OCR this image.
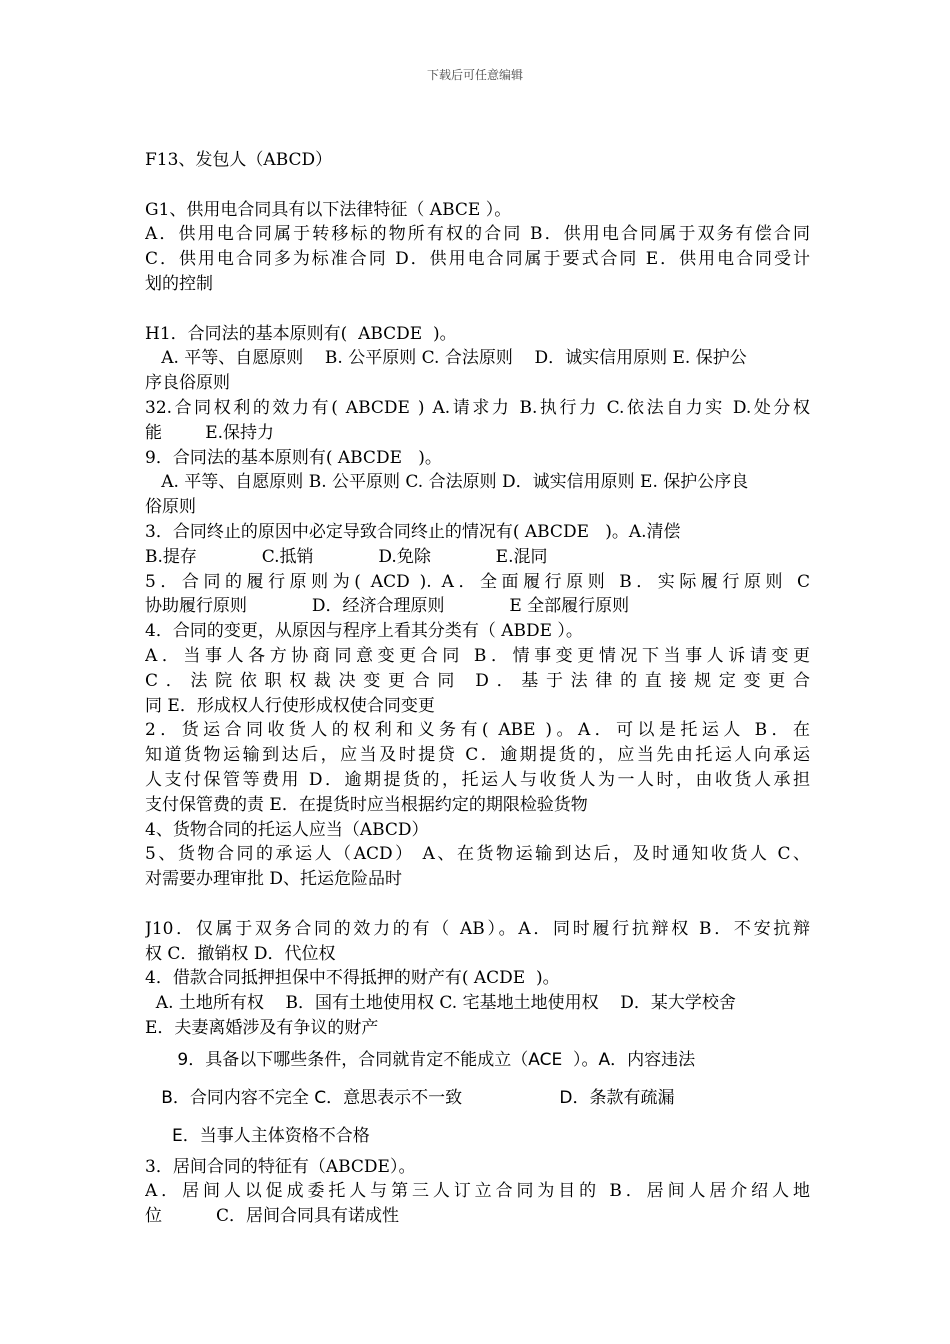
下载后可任意编辑
F13、发包人（ABCD）
G1、供用电合同具有以下法律特征（ ABCE ）。
A．供用电合同属于转移标的物所有权的合同 B．供用电合同属于双务有偿合同
C．供用电合同多为标准合同 D．供用电合同属于要式合同 E．供用电合同受计
划的控制
H1．合同法的基本原则有(  ABCDE  )。
A. 平等、自愿原则    B. 公平原则 C. 合法原则    D．诚实信用原则 E. 保护公
序良俗原则
32.合同权利的效力有( ABCDE ) A.请求力 B.执行力 C.依法自力实 D.处分权
能        E.保持力
9．合同法的基本原则有( ABCDE   )。
A. 平等、自愿原则 B. 公平原则 C. 合法原则 D．诚实信用原则 E. 保护公序良
俗原则
3．合同终止的原因中必定导致合同终止的情况有( ABCDE   )。A.清偿
B.提存            C.抵销            D.免除            E.混同
5．合同的履行原则为( ACD ). A．全面履行原则 B．实际履行原则 C
协助履行原则            D．经济合理原则            E 全部履行原则
4．合同的变更，从原因与程序上看其分类有（ ABDE ）。
A．当事人各方协商同意变更合同 B．情事变更情况下当事人诉请变更
C．法院依职权裁决变更合同 D．基于法律的直接规定变更合
同 E．形成权人行使形成权使合同变更
2．货运合同收货人的权利和义务有( ABE )。A．可以是托运人 B．在
知道货物运输到达后，应当及时提贷 C．逾期提货的，应当先由托运人向承运
人支付保管等费用 D．逾期提货的，托运人与收货人为一人时，由收货人承担
支付保管费的责 E．在提货时应当根据约定的期限检验货物
4、货物合同的托运人应当（ABCD）
5、货物合同的承运人（ACD） A、在货物运输到达后，及时通知收货人 C、
对需要办理审批 D、托运危险品时
J10．仅属于双务合同的效力的有（ AB）。A．同时履行抗辩权 B．不安抗辩
权 C．撤销权 D．代位权
4．借款合同抵押担保中不得抵押的财产有( ACDE  )。
A. 土地所有权    B．国有土地使用权 C. 宅基地土地使用权    D．某大学校舍
E．夫妻离婚涉及有争议的财产
9．具备以下哪些条件，合同就肯定不能成立（ACE  ）。A．内容违法
B．合同内容不完全 C．意思表示不一致                  D．条款有疏漏
E．当事人主体资格不合格
3．居间合同的特征有（ABCDE）。
A．居间人以促成委托人与第三人订立合同为目的 B．居间人居介绍人地
位          C．居间合同具有诺成性
